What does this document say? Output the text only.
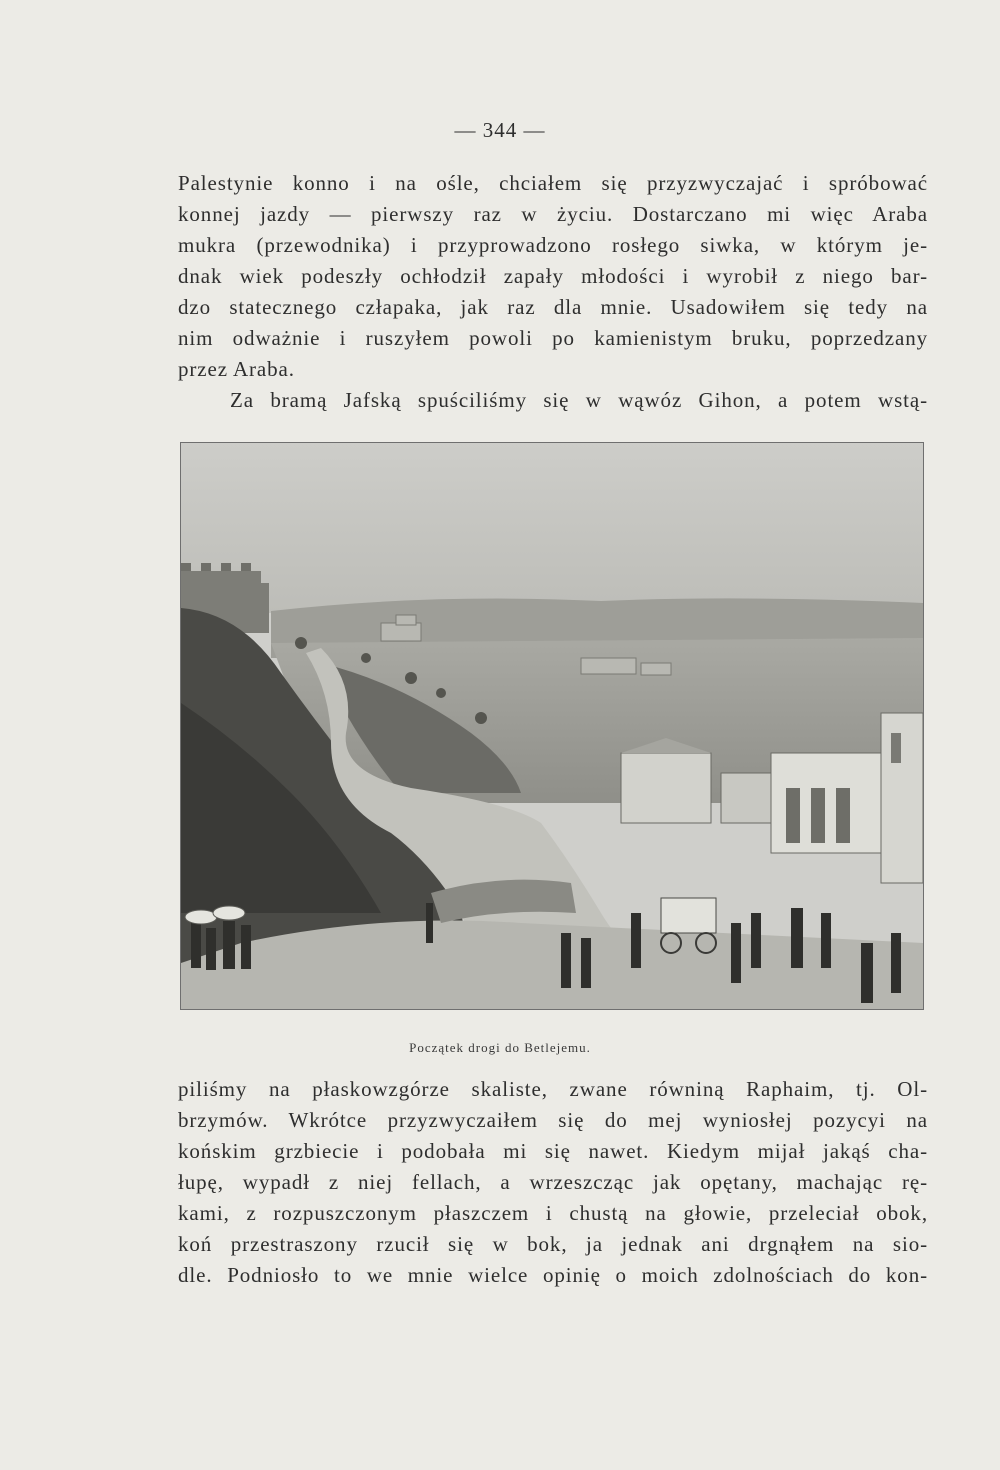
— 344 —
Palestynie konno i na ośle, chciałem się przyzwyczajać i spróbować
konnej jazdy — pierwszy raz w życiu. Dostarczano mi więc Araba
mukra (przewodnika) i przyprowadzono rosłego siwka, w którym je-
dnak wiek podeszły ochłodził zapały młodości i wyrobił z niego bar-
dzo statecznego człapaka, jak raz dla mnie. Usadowiłem się tedy na
nim odważnie i ruszyłem powoli po kamienistym bruku, poprzedzany
przez Araba.
Za bramą Jafską spuściliśmy się w wąwóz Gihon, a potem wstą-
Początek drogi do Betlejemu.
piliśmy na płaskowzgórze skaliste, zwane równiną Raphaim, tj. Ol-
brzymów. Wkrótce przyzwyczaiłem się do mej wyniosłej pozycyi na
końskim grzbiecie i podobała mi się nawet. Kiedym mijał jakąś cha-
łupę, wypadł z niej fellach, a wrzeszcząc jak opętany, machając rę-
kami, z rozpuszczonym płaszczem i chustą na głowie, przeleciał obok,
koń przestraszony rzucił się w bok, ja jednak ani drgnąłem na sio-
dle. Podniosło to we mnie wielce opinię o moich zdolnościach do kon-
